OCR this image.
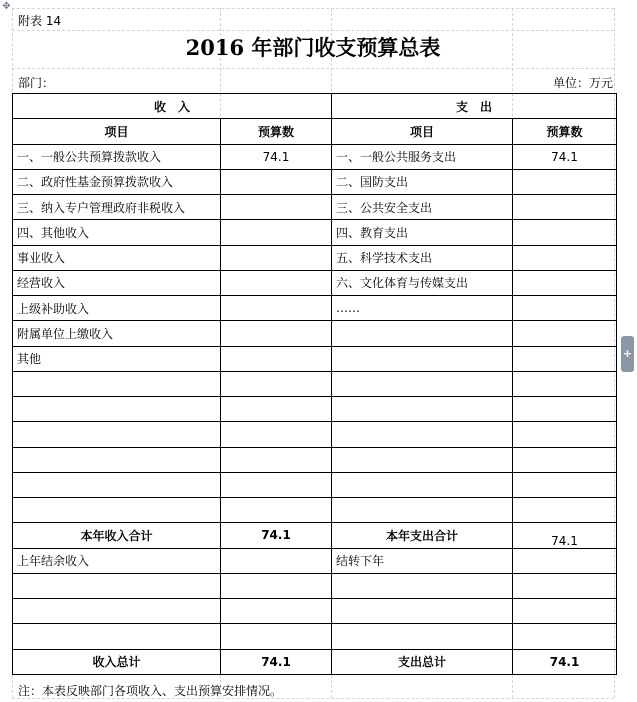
✥
附表 14
2016 年部门收支预算总表
部门：	单位：万元
收　入		支　出	
项目	预算数	项目	预算数
一、一般公共预算拨款收入	74.1	一、一般公共服务支出	74.1
二、政府性基金预算拨款收入		二、国防支出	
三、纳入专户管理政府非税收入		三、公共安全支出	
四、其他收入		四、教育支出	
事业收入		五、科学技术支出	
经营收入		六、文化体育与传媒支出	
上级补助收入		……	
附属单位上缴收入			
其他			

本年收入合计	74.1	本年支出合计	74.1
上年结余收入		结转下年	

收入总计	74.1	支出总计	74.1
注：本表反映部门各项收入、支出预算安排情况。
+
